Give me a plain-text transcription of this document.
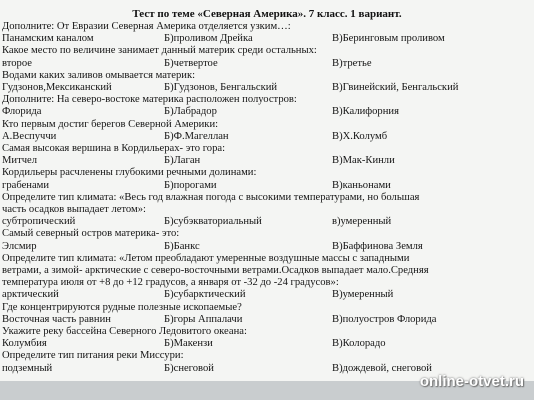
Тест по теме «Северная Америка». 7 класс. 1 вариант.
Дополните: От Евразии Северная Америка отделяется узким…:
Панамским каналом	Б)проливом Дрейка	В)Беринговым проливом
Какое место по величине занимает данный материк среди остальных:
второе	Б)четвертое	В)третье
Водами каких заливов омывается материк:
Гудзонов,Мексиканский	Б)Гудзонов, Бенгальский	В)Гвинейский, Бенгальский
Дополните: На северо-востоке материка расположен полуостров:
Флорида	Б)Лабрадор	В)Калифорния
Кто первым достиг берегов Северной Америки:
А.Веспуччи	Б)Ф.Магеллан	В)Х.Колумб
Самая высокая вершина в Кордильерах- это гора:
Митчел	Б)Лаган	В)Мак-Кинли
Кордильеры расчленены глубокими речными долинами:
грабенами	Б)порогами	В)каньонами
Определите тип климата: «Весь год влажная погода с высокими температурами, но большая
часть осадков выпадает летом»:
субтропический	Б)субэкваториальный	в)умеренный
Самый северный остров материка- это:
Элсмир	Б)Банкс	В)Баффинова Земля
Определите тип климата: «Летом преобладают умеренные воздушные массы с западными
ветрами, а зимой- арктические с северо-восточными ветрами.Осадков выпадает мало.Средняя
температура июля от +8 до +12 градусов, а января от -32 до -24 градусов»:
арктический	Б)субарктический	В)умеренный
Где концентрируются рудные полезные ископаемые?
Восточная часть равнин	Б)горы Аппалачи	В)полуостров Флорида
Укажите реку бассейна Северного Ледовитого океана:
Колумбия	Б)Макензи	В)Колорадо
Определите тип питания реки Миссури:
подземный	Б)снеговой	В)дождевой, снеговой
online-otvet.ru
